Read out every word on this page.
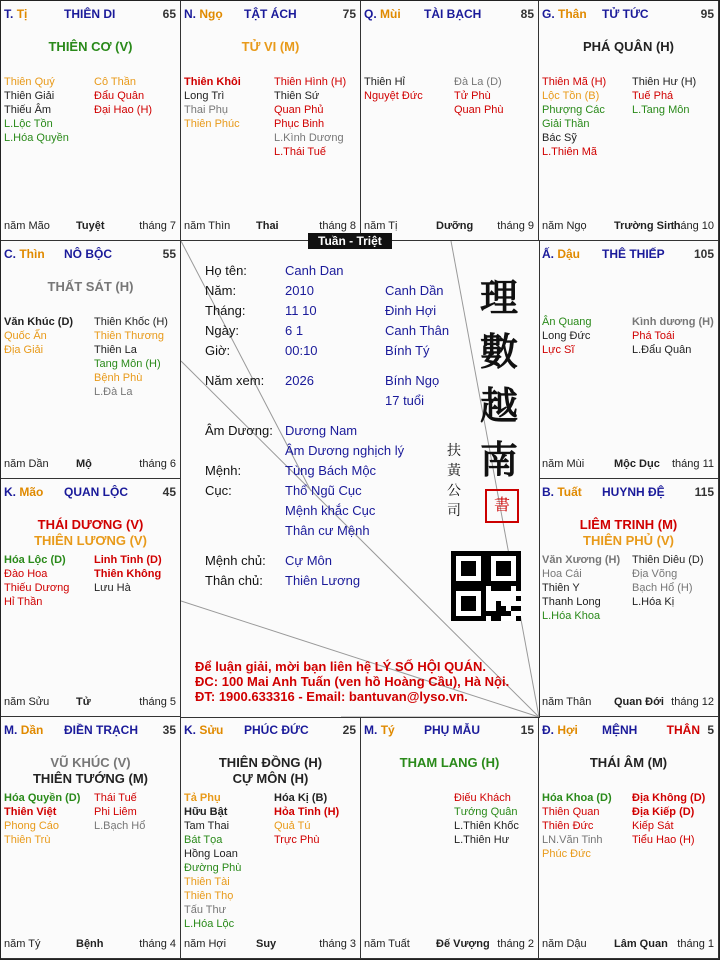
T. Tị	THIÊN DI	65
THIÊN CƠ (V)
Thiên Quý
Thiên Giải
Thiếu Âm
L.Lộc Tồn
L.Hóa Quyền
Cô Thần
Đẩu Quân
Đại Hao (H)
năm Mão Tuyệt	tháng 7
N. Ngọ TẬT ÁCH	75
TỬ VI (M)
Thiên Khôi
Long Trì
Thai Phụ
Thiên Phúc
Thiên Hình (H)
Thiên Sứ
Quan Phủ
Phục Binh
L.Kình Dương
L.Thái Tuế
năm Thìn Thai	tháng 8
Q. Mùi TÀI BẠCH	85
Thiên Hỉ
Nguyệt Đức
Đà La (D)
Tử Phù
Quan Phù
năm Tị	Dưỡng tháng 9
G. Thân TỬ TỨC	95
PHÁ QUÂN (H)
Thiên Mã (H)
Lộc Tồn (B)
Phượng Các
Giải Thần
Bác Sỹ
L.Thiên Mã
Thiên Hư (H)
Tuế Phá
L.Tang Môn
năm Ngọ Trường Sinh
tháng 10
C. Thìn NÔ BỘC	55
THẤT SÁT (H)
Văn Khúc (D)
Quốc Ấn
Địa Giải
Thiên Khốc (H)
Thiên Thương
Thiên La
Tang Môn (H)
Bệnh Phù
L.Đà La
năm Dần Mộ	tháng 6
Ấ. Dậu THÊ THIẾP 105
Ân Quang
Long Đức
Lực Sĩ
Kình dương (H)
Phá Toái
L.Đẩu Quân
năm Mùi	Mộc Dục tháng 11
K. Mão QUAN LỘC	45
THÁI DƯƠNG (V)
THIÊN LƯƠNG (V)
Hóa Lộc (D)
Đào Hoa
Thiếu Dương
Hỉ Thần
Linh Tinh (D)
Thiên Không
Lưu Hà
năm Sửu Tử	tháng 5
B. Tuất HUYNH ĐỆ 115
LIÊM TRINH (M)
THIÊN PHỦ (V)
Văn Xương (H)
Hoa Cái
Thiên Y
Thanh Long
L.Hóa Khoa
Thiên Diêu (D)
Địa Võng
Bạch Hổ (H)
L.Hóa Kị
năm Thân Quan Đới tháng 12
M. Dần ĐIỀN TRẠCH 35
VŨ KHÚC (V)
THIÊN TƯỚNG (M)
Hóa Quyền (D)
Thiên Việt
Phong Cáo
Thiên Trù
Thái Tuế
Phi Liêm
L.Bạch Hổ
năm Tý	Bệnh	tháng 4
K. Sửu PHÚC ĐỨC	25
THIÊN ĐỒNG (H)
CỰ MÔN (H)
Tả Phụ
Hữu Bật
Tam Thai
Bát Tọa
Hồng Loan
Đường Phù
Thiên Tài
Thiên Thọ
Tấu Thư
L.Hóa Lộc
Hóa Kị (B)
Hỏa Tinh (H)
Quả Tú
Trực Phù
năm Hợi	Suy	tháng 3
M. Tý PHỤ MẪU	15
THAM LANG (H)
Điếu Khách
Tướng Quân
L.Thiên Khốc
L.Thiên Hư
năm Tuất Đế Vượng tháng 2
Đ. Hợi MỆNH THÂN 5
THÁI ÂM (M)
Hóa Khoa (D)
Thiên Quan
Thiên Đức
LN.Văn Tinh
Phúc Đức
Địa Không (D)
Địa Kiếp (D)
Kiếp Sát
Tiểu Hao (H)
năm Dậu Lâm Quan tháng 1
Tuần - Triệt
Họ tên:	Canh Dan
Năm:	2010	Canh Dần
Tháng:	11 10	Đinh Hợi
Ngày:	6 1	Canh Thân
Giờ:	00:10	Bính Tý
Năm xem:	2026	Bính Ngọ
17 tuổi
Âm Dương: Dương Nam
Âm Dương nghịch lý
Mệnh:	Tùng Bách Mộc
Cục:	Thổ Ngũ Cục
Mệnh khắc Cục
Thân cư Mệnh
Mệnh chủ:	Cự Môn
Thân chủ:	Thiên Lương
理
數
越
南
扶
黃
公
司	書
Để luận giải, mời bạn liên hệ LÝ SỐ HỘI QUÁN.
ĐC: 100 Mai Anh Tuấn (ven hồ Hoàng Cầu), Hà Nội.
ĐT: 1900.633316 - Email: bantuvan@lyso.vn.
